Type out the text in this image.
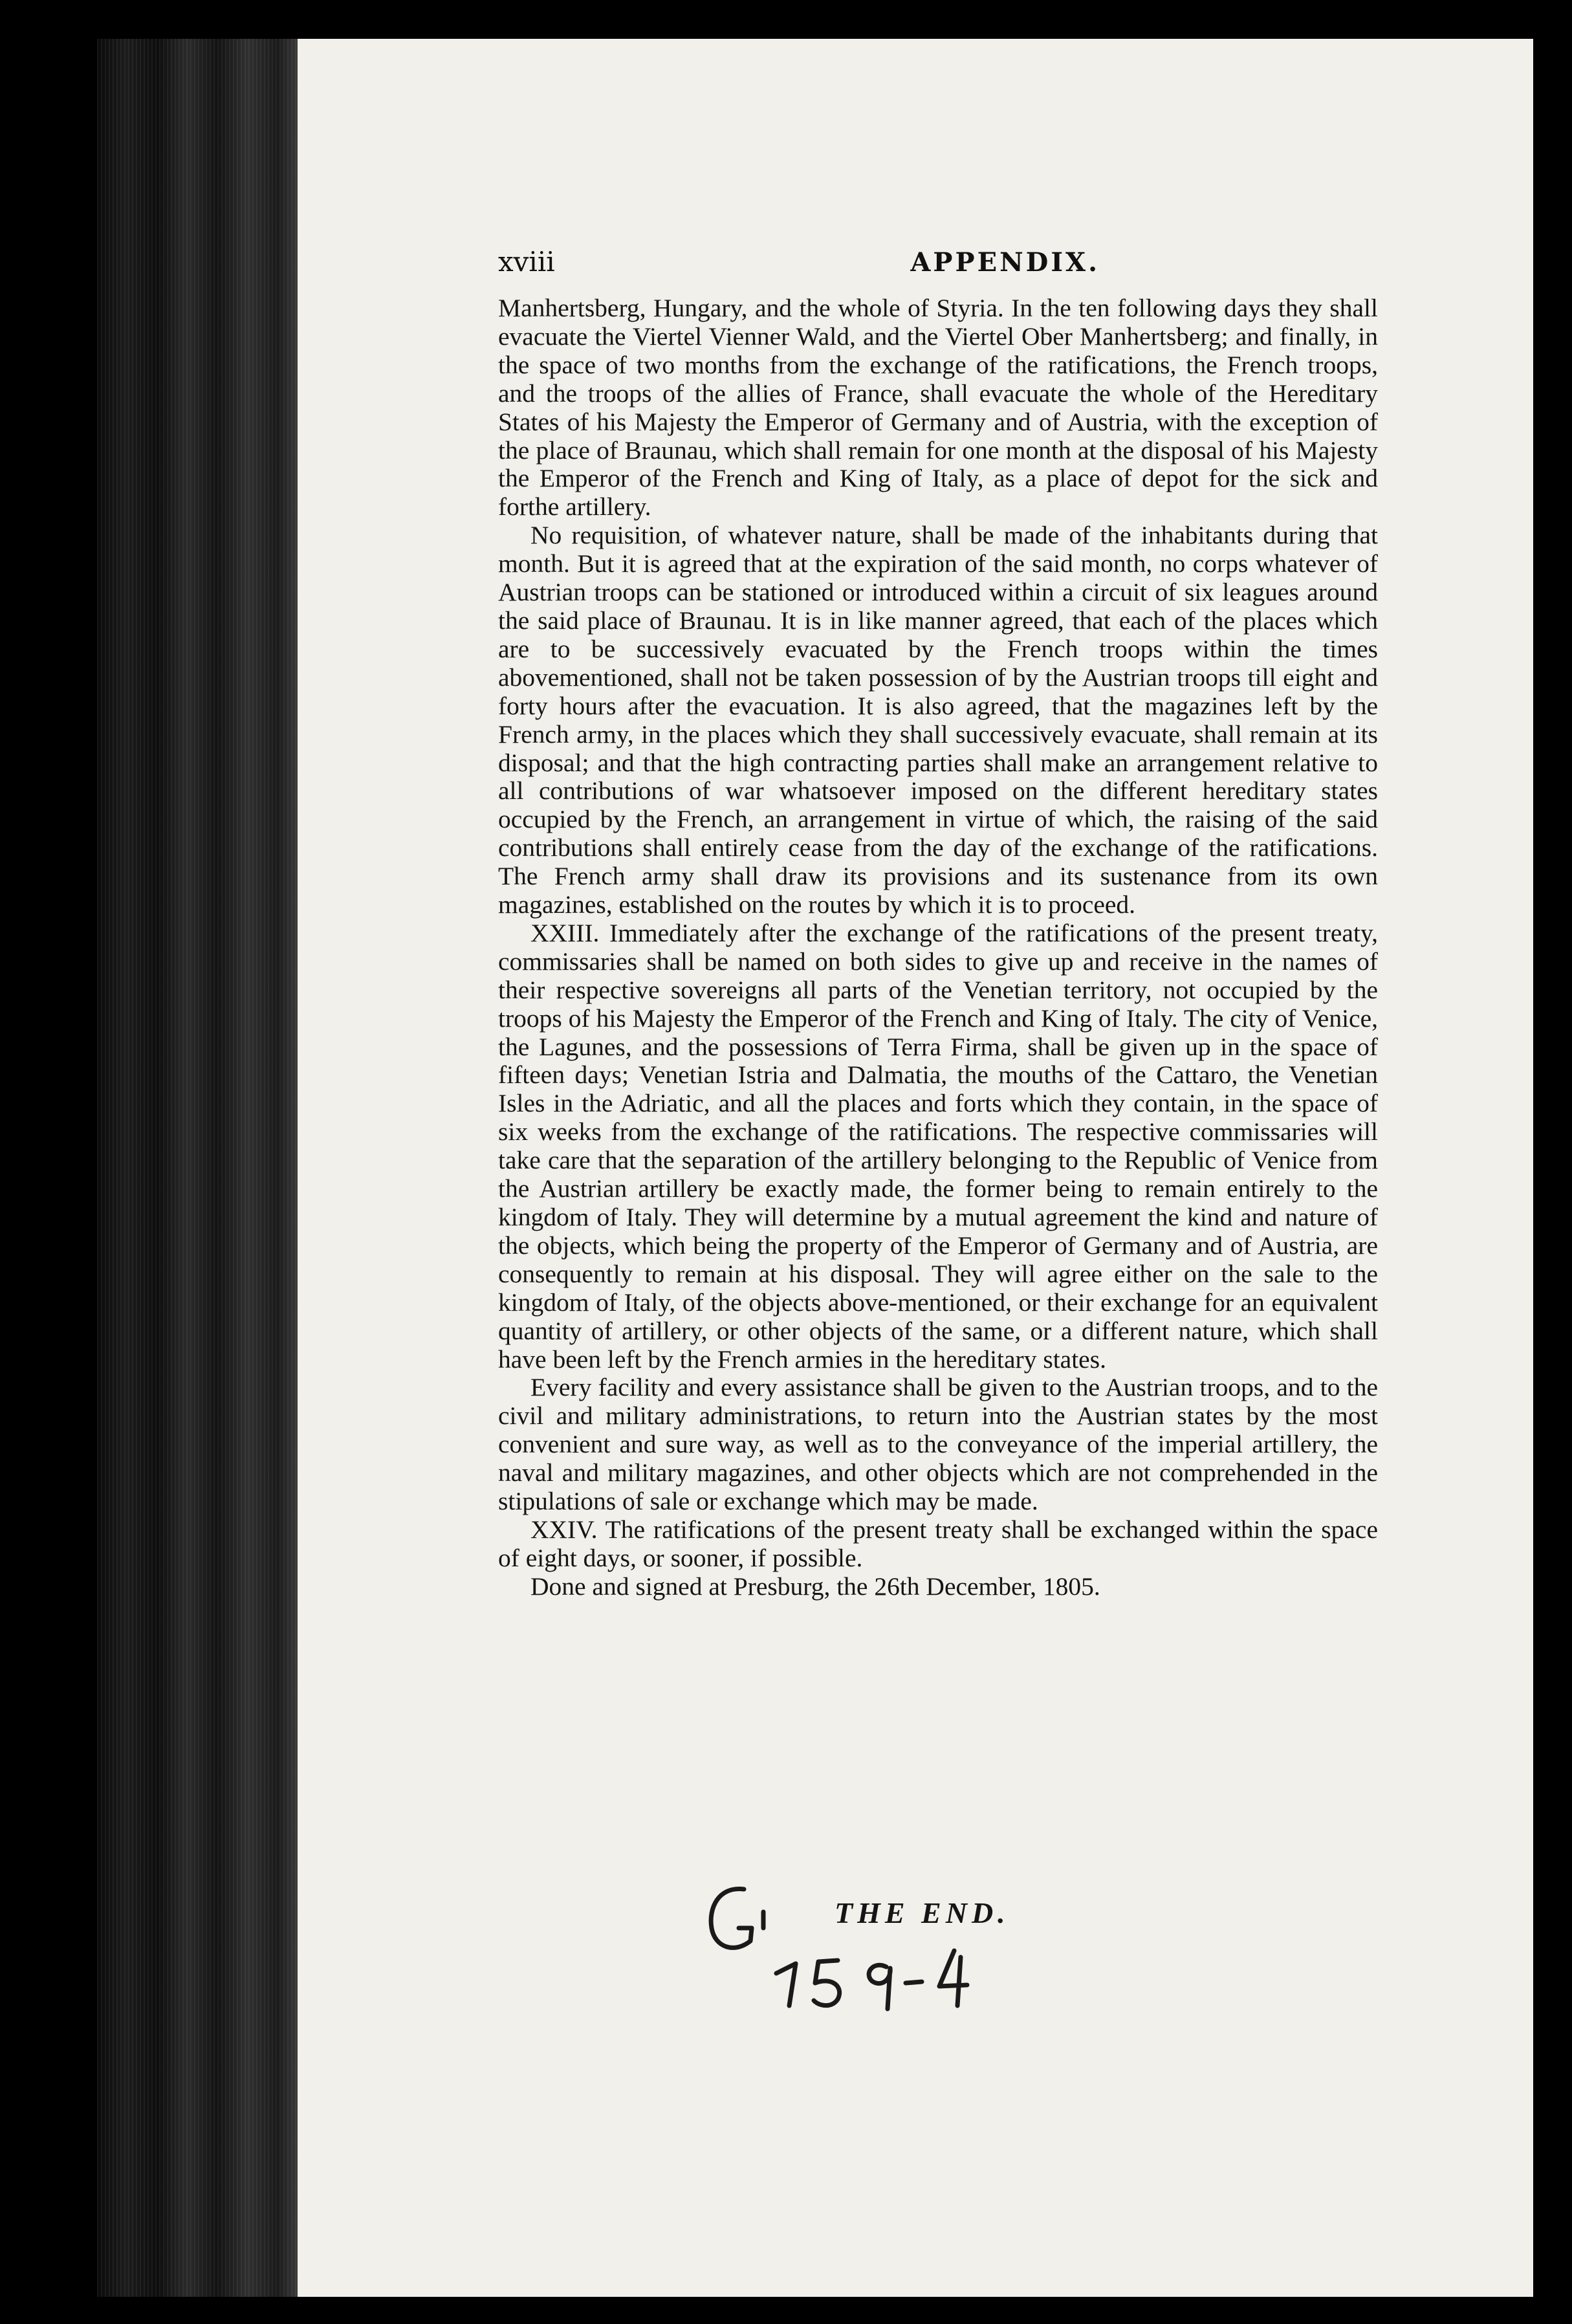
xviii	APPENDIX.

Manhertsberg, Hungary, and the whole of Styria. In the ten following days they shall evacuate the Viertel Vienner Wald, and the Viertel Ober Manhertsberg; and finally, in the space of two months from the exchange of the ratifications, the French troops, and the troops of the allies of France, shall evacuate the whole of the Hereditary States of his Majesty the Emperor of Germany and of Austria, with the exception of the place of Braunau, which shall remain for one month at the disposal of his Majesty the Emperor of the French and King of Italy, as a place of depot for the sick and forthe artillery.

No requisition, of whatever nature, shall be made of the inhabitants during that month. But it is agreed that at the expiration of the said month, no corps whatever of Austrian troops can be stationed or introduced within a circuit of six leagues around the said place of Braunau. It is in like manner agreed, that each of the places which are to be successively evacuated by the French troops within the times abovementioned, shall not be taken possession of by the Austrian troops till eight and forty hours after the evacuation. It is also agreed, that the magazines left by the French army, in the places which they shall successively evacuate, shall remain at its disposal; and that the high contracting parties shall make an arrangement relative to all contributions of war whatsoever imposed on the different hereditary states occupied by the French, an arrangement in virtue of which, the raising of the said contributions shall entirely cease from the day of the exchange of the ratifications. The French army shall draw its provisions and its sustenance from its own magazines, established on the routes by which it is to proceed.

XXIII. Immediately after the exchange of the ratifications of the present treaty, commissaries shall be named on both sides to give up and receive in the names of their respective sovereigns all parts of the Venetian territory, not occupied by the troops of his Majesty the Emperor of the French and King of Italy. The city of Venice, the Lagunes, and the possessions of Terra Firma, shall be given up in the space of fifteen days; Venetian Istria and Dalmatia, the mouths of the Cattaro, the Venetian Isles in the Adriatic, and all the places and forts which they contain, in the space of six weeks from the exchange of the ratifications. The respective commissaries will take care that the separation of the artillery belonging to the Republic of Venice from the Austrian artillery be exactly made, the former being to remain entirely to the kingdom of Italy. They will determine by a mutual agreement the kind and nature of the objects, which being the property of the Emperor of Germany and of Austria, are consequently to remain at his disposal. They will agree either on the sale to the kingdom of Italy, of the objects above-mentioned, or their exchange for an equivalent quantity of artillery, or other objects of the same, or a different nature, which shall have been left by the French armies in the hereditary states.

Every facility and every assistance shall be given to the Austrian troops, and to the civil and military administrations, to return into the Austrian states by the most convenient and sure way, as well as to the conveyance of the imperial artillery, the naval and military magazines, and other objects which are not comprehended in the stipulations of sale or exchange which may be made.

XXIV. The ratifications of the present treaty shall be exchanged within the space of eight days, or sooner, if possible.

Done and signed at Presburg, the 26th December, 1805.

THE END.
